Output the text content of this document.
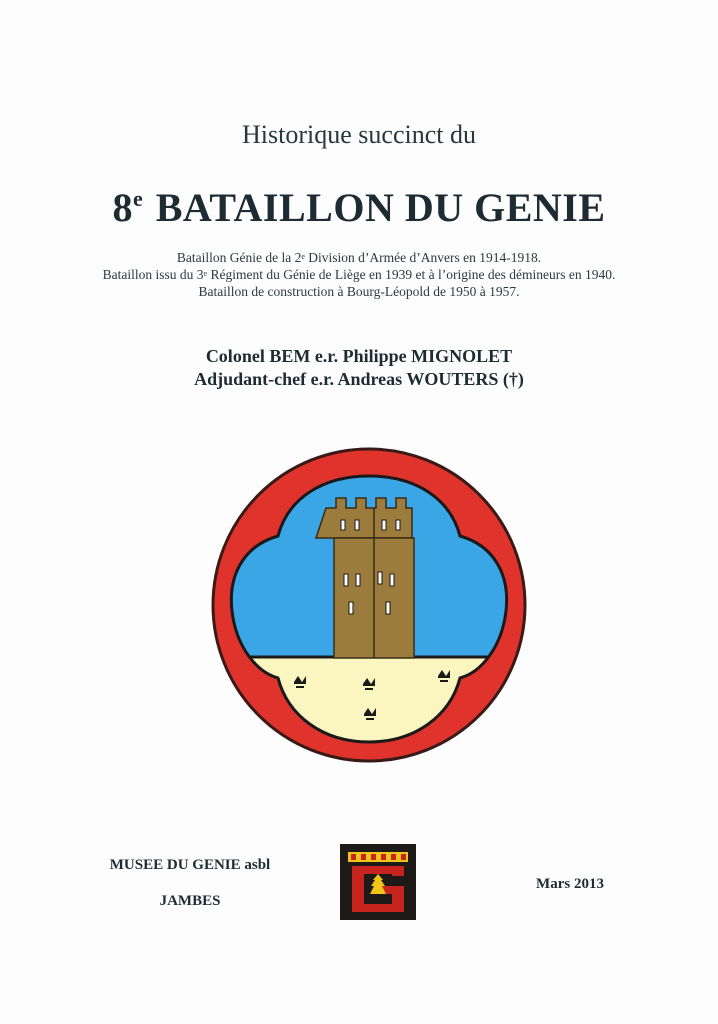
Historique succinct du
8e BATAILLON DU GENIE
Bataillon Génie de la 2e Division d’Armée d’Anvers en 1914-1918.
Bataillon issu du 3e Régiment du Génie de Liège en 1939 et à l’origine des démineurs en 1940.
Bataillon de construction à Bourg-Léopold de 1950 à 1957.
Colonel BEM e.r. Philippe MIGNOLET
Adjudant-chef e.r. Andreas WOUTERS (†)
MUSEE DU GENIE asbl
JAMBES
Mars 2013
